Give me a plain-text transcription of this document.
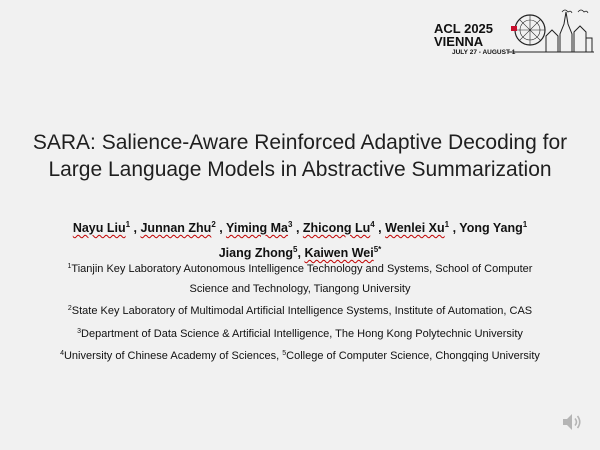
ACL 2025
VIENNA
JULY 27 - AUGUST 1
SARA: Salience-Aware Reinforced Adaptive Decoding for
Large Language Models in Abstractive Summarization
Nayu Liu$^1$ , Junnan Zhu$^2$ , Yiming Ma$^3$ , Zhicong Lu$^4$ , Wenlei Xu$^1$ , Yong Yang$^1$
Jiang Zhong$^5$, Kaiwen Wei$^{5*}$
$^1$Tianjin Key Laboratory Autonomous Intelligence Technology and Systems, School of Computer
Science and Technology, Tiangong University
$^2$State Key Laboratory of Multimodal Artificial Intelligence Systems, Institute of Automation, CAS
$^3$Department of Data Science & Artificial Intelligence, The Hong Kong Polytechnic University
$^4$University of Chinese Academy of Sciences, $^5$College of Computer Science, Chongqing University
